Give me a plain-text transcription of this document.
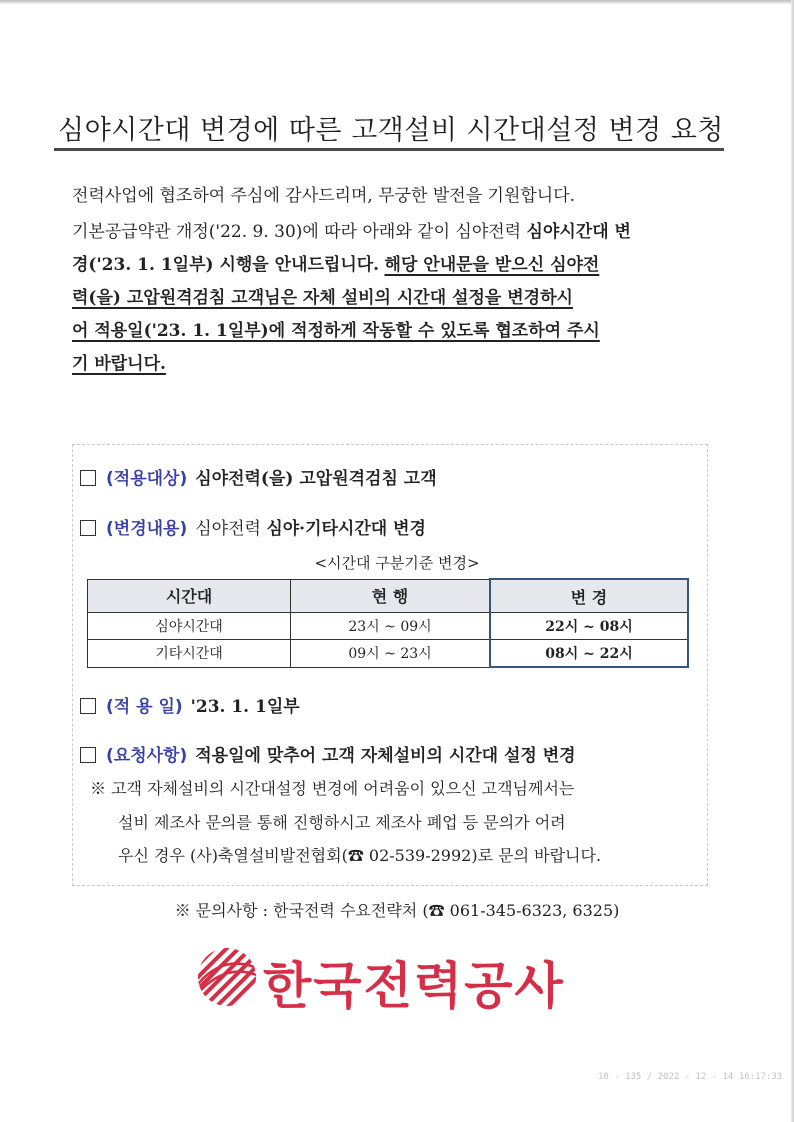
심야시간대 변경에 따른 고객설비 시간대설정 변경 요청
전력사업에 협조하여 주심에 감사드리며, 무궁한 발전을 기원합니다.
기본공급약관 개정('22. 9. 30)에 따라 아래와 같이 심야전력 심야시간대 변
경('23. 1. 1일부) 시행을 안내드립니다. 해당 안내문을 받으신 심야전
력(을) 고압원격검침 고객님은 자체 설비의 시간대 설정을 변경하시
어 적용일('23. 1. 1일부)에 적정하게 작동할 수 있도록 협조하여 주시
기 바랍니다.
(적용대상) 심야전력(을) 고압원격검침 고객
(변경내용) 심야전력 심야·기타시간대 변경
<시간대 구분기준 변경>
시간대	현 행	변 경
심야시간대	23시 ~ 09시	22시 ~ 08시
기타시간대	09시 ~ 23시	08시 ~ 22시
(적 용 일) '23. 1. 1일부
(요청사항) 적용일에 맞추어 고객 자체설비의 시간대 설정 변경
※ 고객 자체설비의 시간대설정 변경에 어려움이 있으신 고객님께서는
설비 제조사 문의를 통해 진행하시고 제조사 폐업 등 문의가 어려
우신 경우 (사)축열설비발전협회(☎ 02-539-2992)로 문의 바랍니다.
※ 문의사항 : 한국전력 수요전략처 (☎ 061-345-6323, 6325)
한국전력공사
10 - 135 / 2022 - 12 - 14 16:17:33
